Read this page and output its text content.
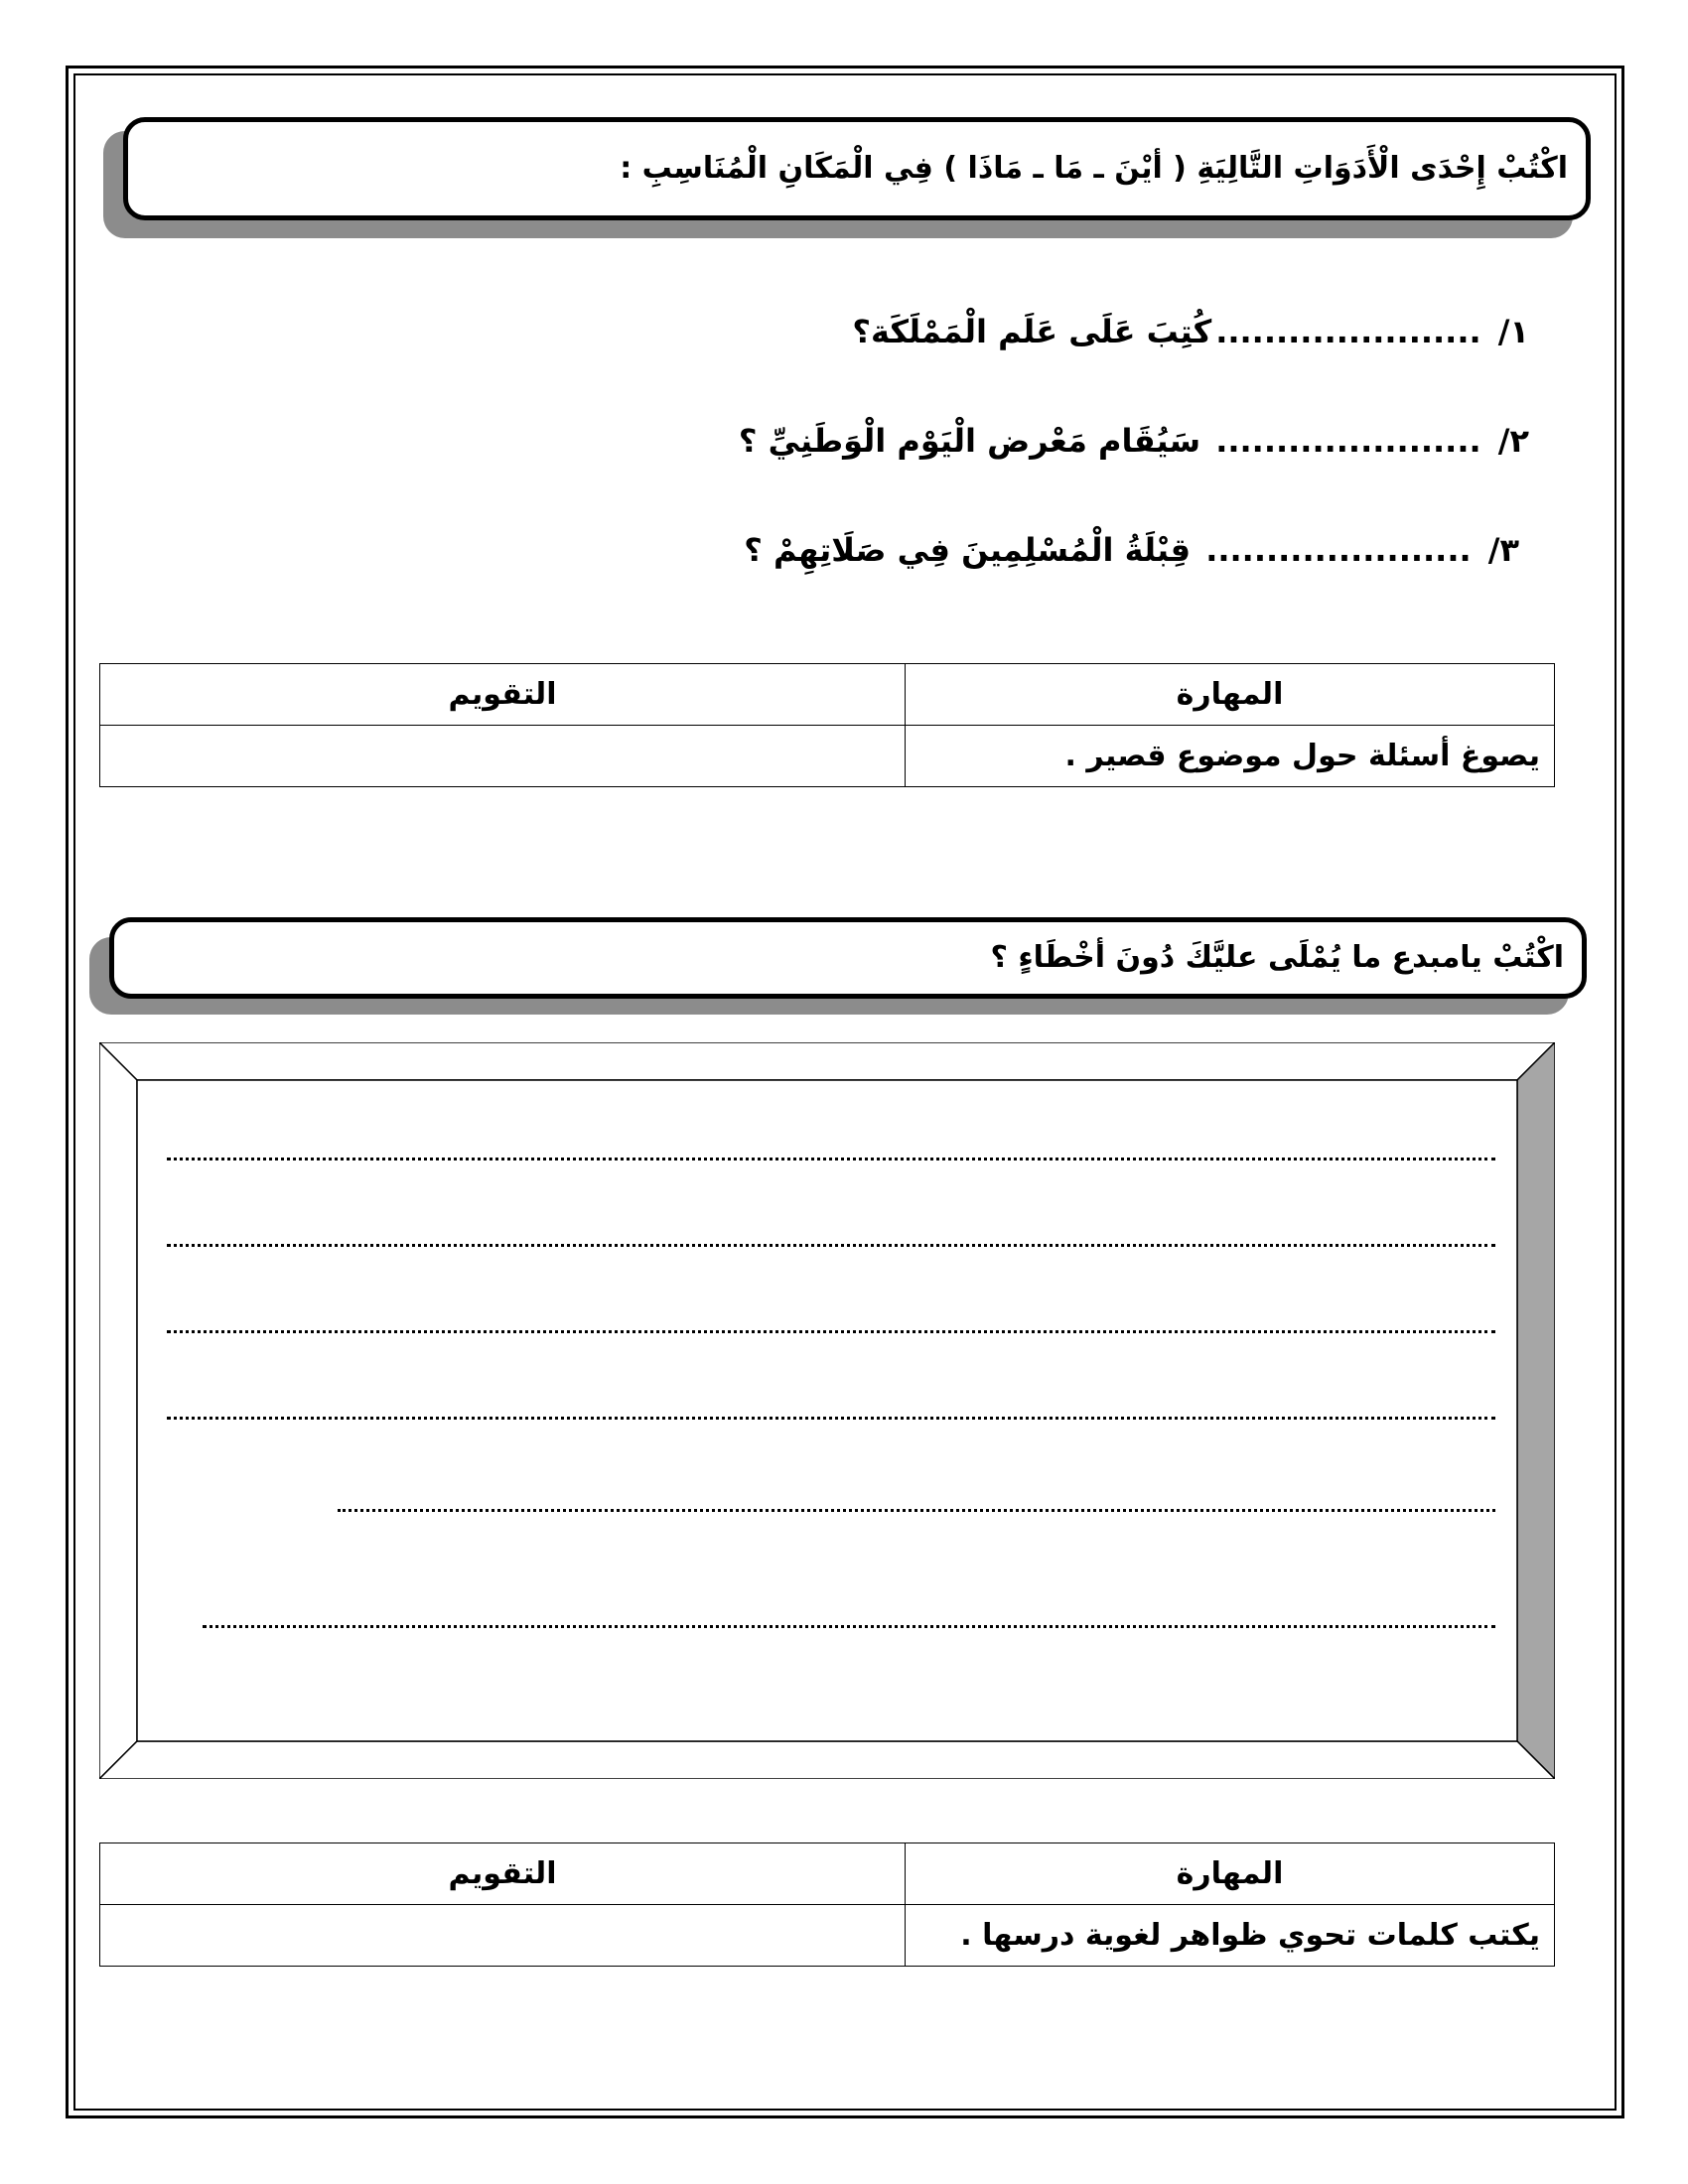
اكْتُبْ إِحْدَى الْأَدَوَاتِ التَّالِيَةِ ( أيْنَ ـ مَا ـ مَاذَا ) فِي الْمَكَانِ الْمُنَاسِبِ :
١/ ......................كُتِبَ عَلَى عَلَم الْمَمْلَكَة؟
٢/ ...................... سَيُقَام مَعْرض الْيَوْم الْوَطَنِيِّ ؟
٣/ ...................... قِبْلَةُ الْمُسْلِمِينَ فِي صَلَاتِهِمْ ؟
المهارة	التقويم
يصوغ أسئلة حول موضوع قصير .	
اكْتُبْ يامبدع ما يُمْلَى عليَّكَ دُونَ أخْطَاءٍ ؟
المهارة	التقويم
يكتب كلمات تحوي ظواهر لغوية درسها .	
